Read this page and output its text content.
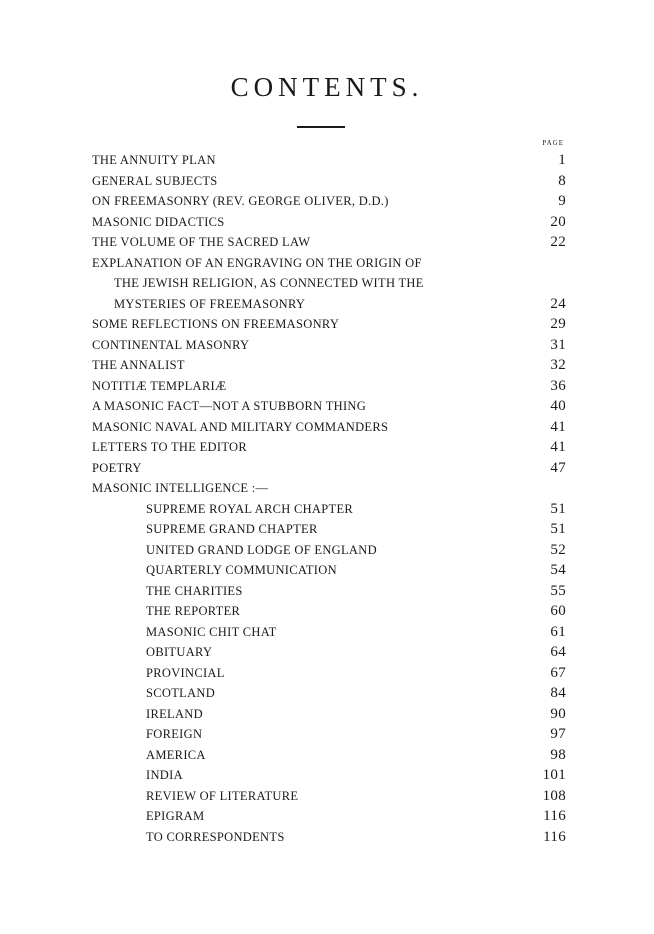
CONTENTS.
PAGE
THE ANNUITY PLAN	1
GENERAL SUBJECTS	8
ON FREEMASONRY (REV. GEORGE OLIVER, D.D.)	9
MASONIC DIDACTICS	20
THE VOLUME OF THE SACRED LAW	22
EXPLANATION OF AN ENGRAVING ON THE ORIGIN OF
THE JEWISH RELIGION, AS CONNECTED WITH THE
MYSTERIES OF FREEMASONRY	24
SOME REFLECTIONS ON FREEMASONRY	29
CONTINENTAL MASONRY	31
THE ANNALIST	32
NOTITIÆ TEMPLARIÆ	36
A MASONIC FACT—NOT A STUBBORN THING	40
MASONIC NAVAL AND MILITARY COMMANDERS	41
LETTERS TO THE EDITOR	41
POETRY	47
MASONIC INTELLIGENCE :—
SUPREME ROYAL ARCH CHAPTER	51
SUPREME GRAND CHAPTER	51
UNITED GRAND LODGE OF ENGLAND	52
QUARTERLY COMMUNICATION	54
THE CHARITIES	55
THE REPORTER	60
MASONIC CHIT CHAT	61
OBITUARY	64
PROVINCIAL	67
SCOTLAND	84
IRELAND	90
FOREIGN	97
AMERICA	98
INDIA	101
REVIEW OF LITERATURE	108
EPIGRAM	116
TO CORRESPONDENTS	116
